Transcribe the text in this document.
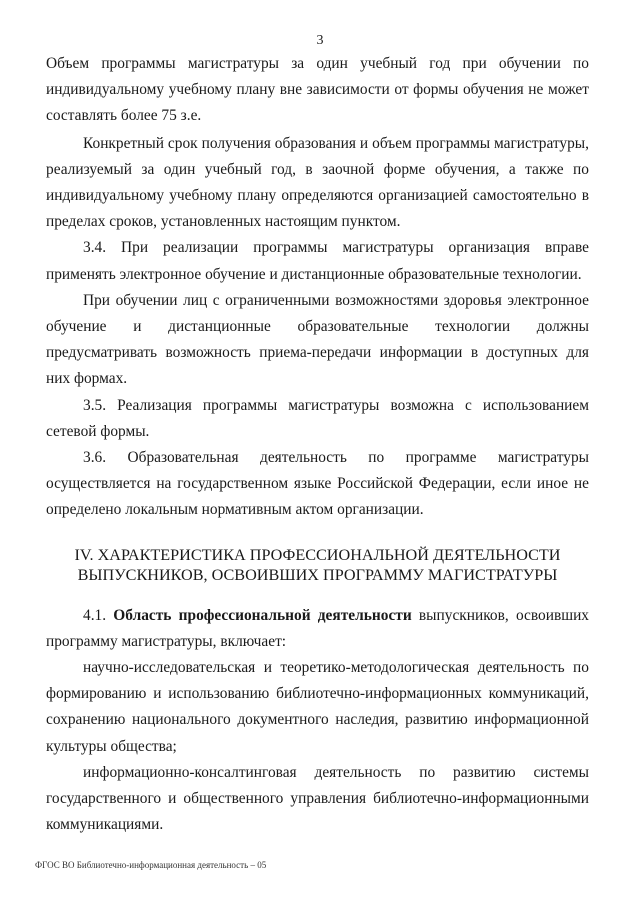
3

Объем программы магистратуры за один учебный год при обучении по индивидуальному учебному плану вне зависимости от формы обучения не может составлять более 75 з.е.

Конкретный срок получения образования и объем программы магистратуры, реализуемый за один учебный год, в заочной форме обучения, а также по индивидуальному учебному плану определяются организацией самостоятельно в пределах сроков, установленных настоящим пунктом.

3.4. При реализации программы магистратуры организация вправе применять электронное обучение и дистанционные образовательные технологии.

При обучении лиц с ограниченными возможностями здоровья электронное обучение и дистанционные образовательные технологии должны предусматривать возможность приема-передачи информации в доступных для них формах.

3.5. Реализация программы магистратуры возможна с использованием сетевой формы.

3.6. Образовательная деятельность по программе магистратуры осуществляется на государственном языке Российской Федерации, если иное не определено локальным нормативным актом организации.

IV. ХАРАКТЕРИСТИКА ПРОФЕССИОНАЛЬНОЙ ДЕЯТЕЛЬНОСТИ
ВЫПУСКНИКОВ, ОСВОИВШИХ ПРОГРАММУ МАГИСТРАТУРЫ

4.1. Область профессиональной деятельности выпускников, освоивших программу магистратуры, включает:

научно-исследовательская и теоретико-методологическая деятельность по формированию и использованию библиотечно-информационных коммуникаций, сохранению национального документного наследия, развитию информационной культуры общества;

информационно-консалтинговая деятельность по развитию системы государственного и общественного управления библиотечно-информационными коммуникациями.

ФГОС ВО Библиотечно-информационная деятельность – 05
